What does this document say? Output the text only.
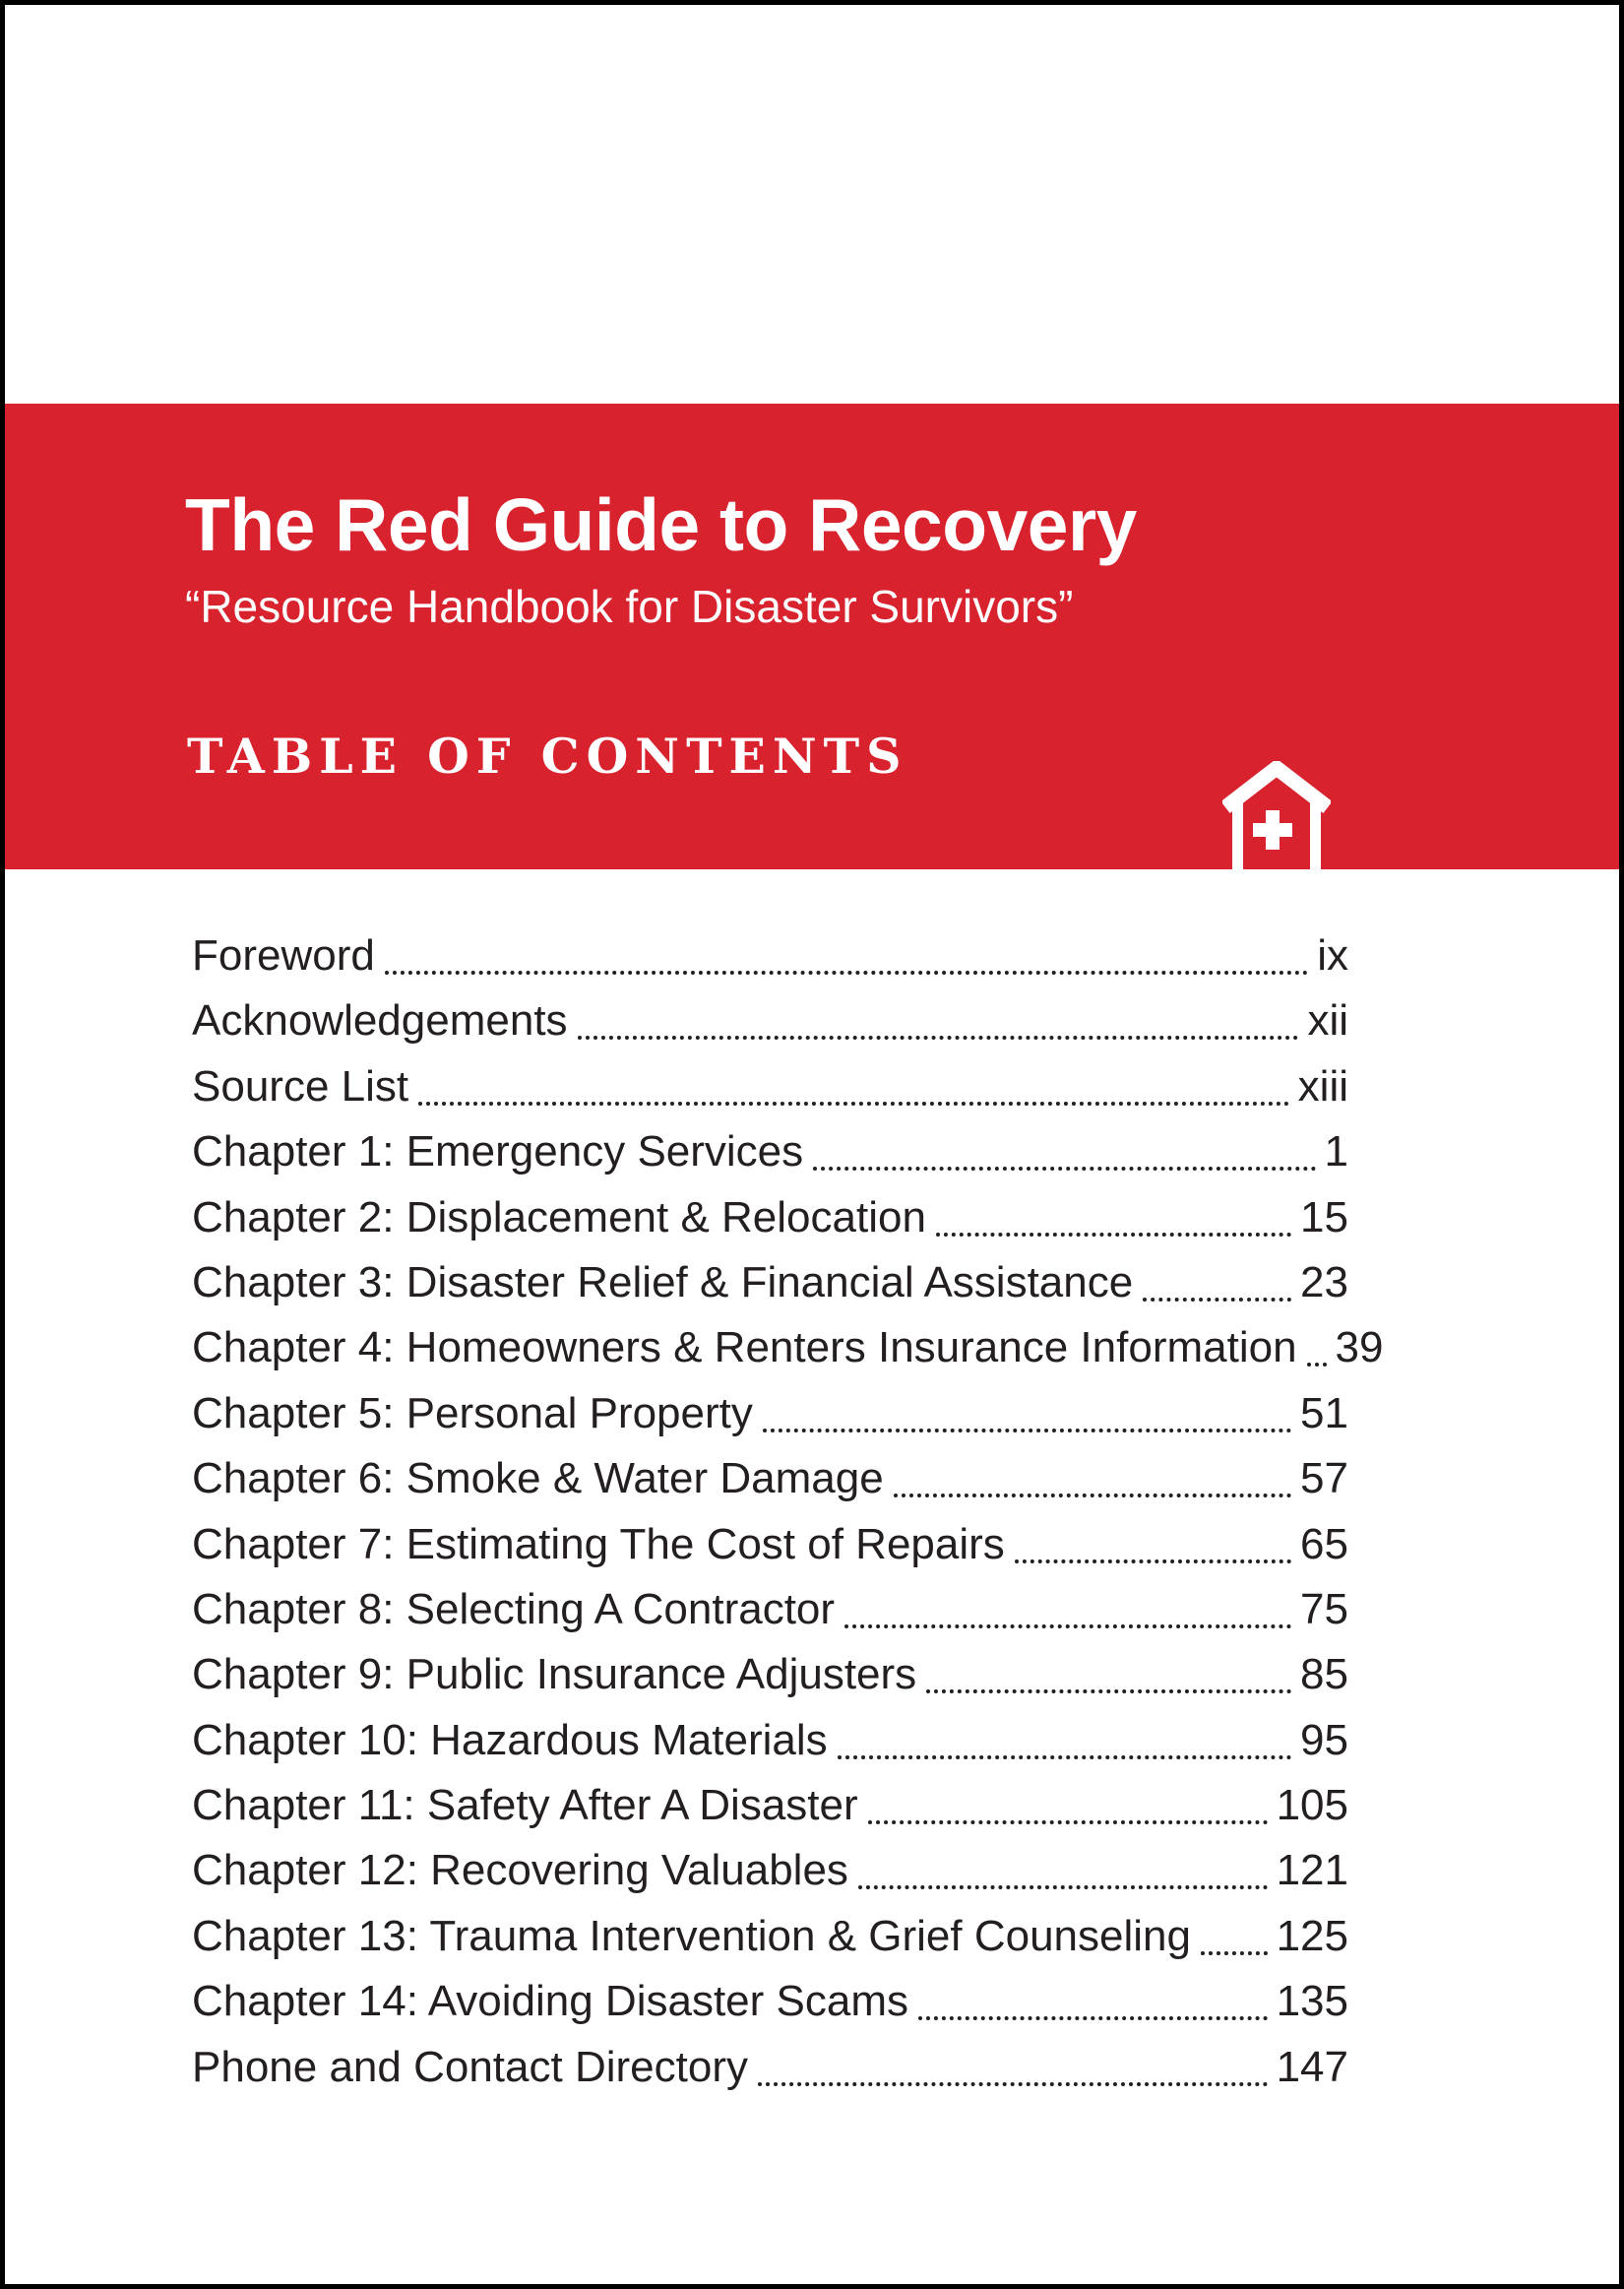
The Red Guide to Recovery
“Resource Handbook for Disaster Survivors”
TABLE OF CONTENTS
Foreword	ix
Acknowledgements	xii
Source List	xiii
Chapter 1: Emergency Services	1
Chapter 2: Displacement & Relocation	15
Chapter 3: Disaster Relief & Financial Assistance	23
Chapter 4: Homeowners & Renters Insurance Information 39
Chapter 5: Personal Property	51
Chapter 6: Smoke & Water Damage	57
Chapter 7: Estimating The Cost of Repairs	65
Chapter 8: Selecting A Contractor	75
Chapter 9: Public Insurance Adjusters	85
Chapter 10: Hazardous Materials	95
Chapter 11: Safety After A Disaster	105
Chapter 12: Recovering Valuables	121
Chapter 13: Trauma Intervention & Grief Counseling 125
Chapter 14: Avoiding Disaster Scams	135
Phone and Contact Directory	147
